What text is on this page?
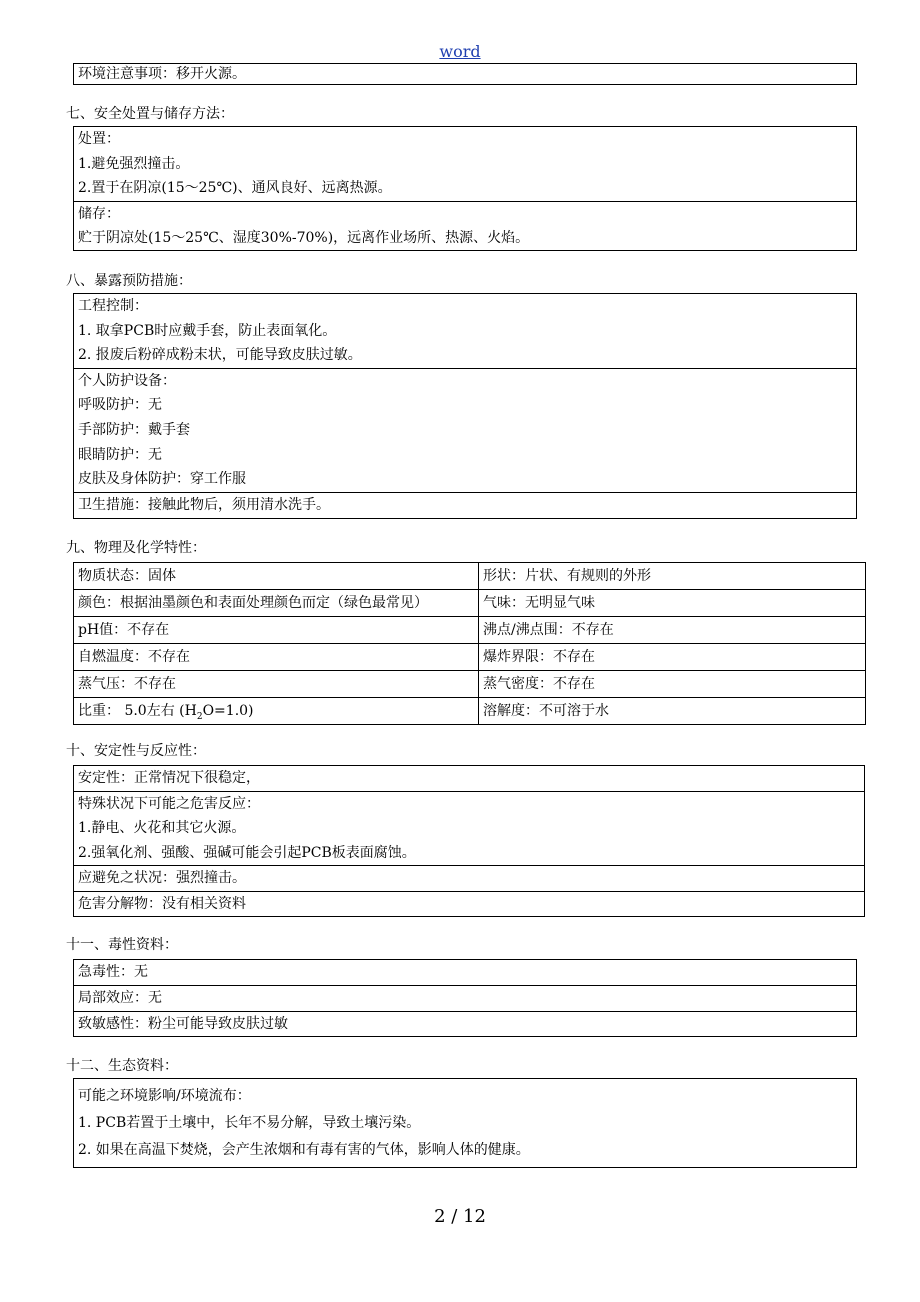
word
环境注意事项：移开火源。
七、安全处置与储存方法：
处置：
1.避免强烈撞击。
2.置于在阴凉(15～25℃)、通风良好、远离热源。
储存：
贮于阴凉处(15～25℃、湿度30%-70%)，远离作业场所、热源、火焰。
八、暴露预防措施：
工程控制：
1. 取拿PCB时应戴手套，防止表面氧化。
2. 报废后粉碎成粉末状，可能导致皮肤过敏。
个人防护设备：
呼吸防护：无
手部防护：戴手套
眼睛防护：无
皮肤及身体防护：穿工作服
卫生措施：接触此物后，须用清水洗手。
九、物理及化学特性：
物质状态：固体	形状：片状、有规则的外形
颜色：根据油墨颜色和表面处理颜色而定（绿色最常见）	气味：无明显气味
pH值：不存在	沸点/沸点围：不存在
自燃温度：不存在	爆炸界限：不存在
蒸气压：不存在	蒸气密度：不存在
比重： 5.0左右 $(H_2O=1.0)$	溶解度：不可溶于水
十、安定性与反应性：
安定性：正常情况下很稳定，
特殊状况下可能之危害反应：
1.静电、火花和其它火源。
2.强氧化剂、强酸、强碱可能会引起PCB板表面腐蚀。
应避免之状况：强烈撞击。
危害分解物：没有相关资料
十一、毒性资料：
急毒性：无
局部效应：无
致敏感性：粉尘可能导致皮肤过敏
十二、生态资料：
可能之环境影响/环境流布：
1. PCB若置于土壤中，长年不易分解，导致土壤污染。
2. 如果在高温下焚烧，会产生浓烟和有毒有害的气体，影响人体的健康。
2 / 12
